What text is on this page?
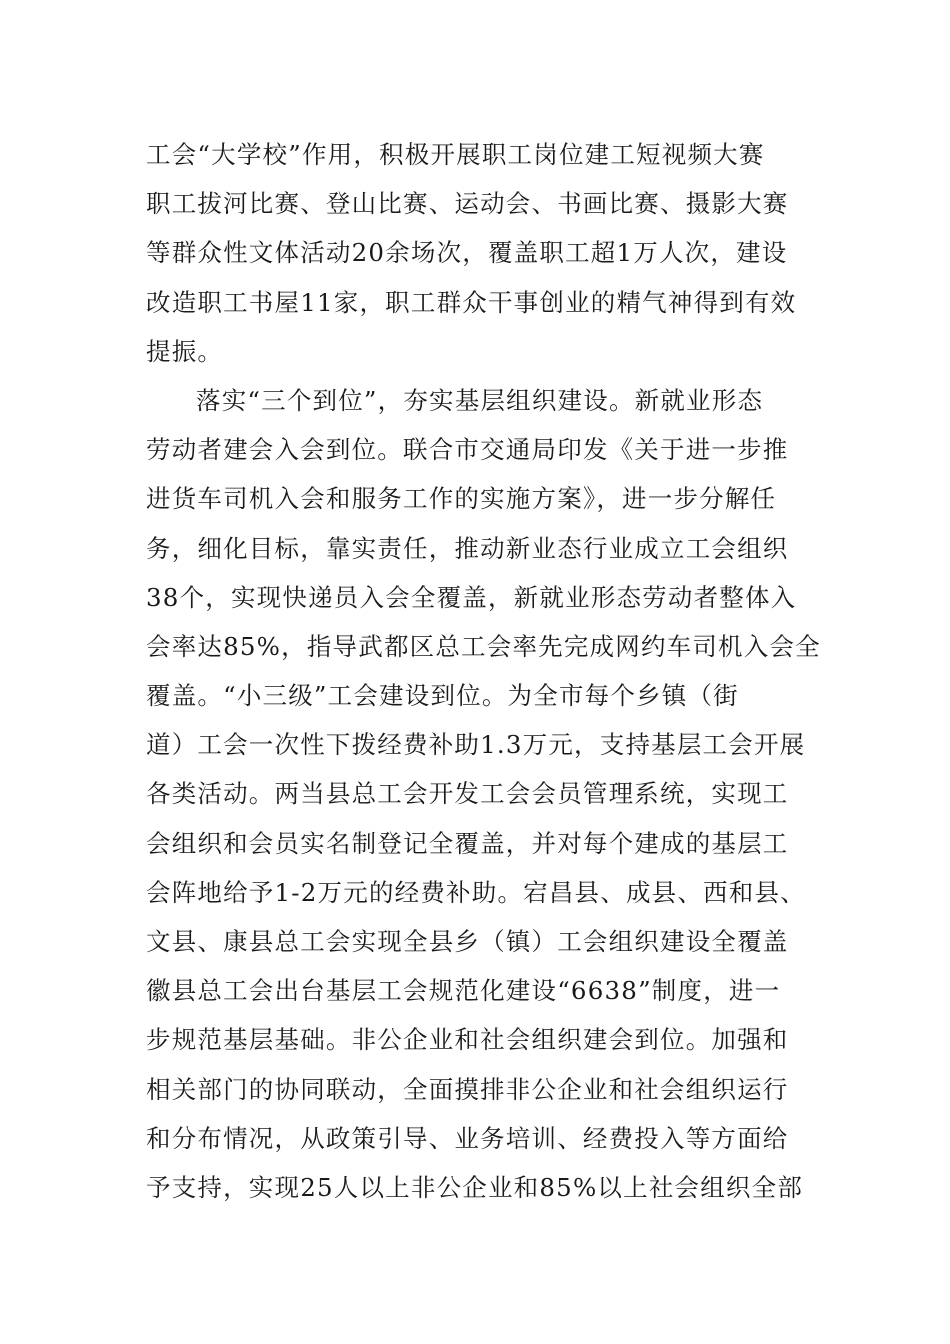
工会“大学校”作用，积极开展职工岗位建工短视频大赛
职工拔河比赛、登山比赛、运动会、书画比赛、摄影大赛
等群众性文体活动20余场次，覆盖职工超1万人次，建设
改造职工书屋11家，职工群众干事创业的精气神得到有效
提振。
落实“三个到位”，夯实基层组织建设。新就业形态
劳动者建会入会到位。联合市交通局印发《关于进一步推
进货车司机入会和服务工作的实施方案》，进一步分解任
务，细化目标，靠实责任，推动新业态行业成立工会组织
38个，实现快递员入会全覆盖，新就业形态劳动者整体入
会率达85%，指导武都区总工会率先完成网约车司机入会全
覆盖。“小三级”工会建设到位。为全市每个乡镇（街
道）工会一次性下拨经费补助1.3万元，支持基层工会开展
各类活动。两当县总工会开发工会会员管理系统，实现工
会组织和会员实名制登记全覆盖，并对每个建成的基层工
会阵地给予1-2万元的经费补助。宕昌县、成县、西和县、
文县、康县总工会实现全县乡（镇）工会组织建设全覆盖
徽县总工会出台基层工会规范化建设“6638”制度，进一
步规范基层基础。非公企业和社会组织建会到位。加强和
相关部门的协同联动，全面摸排非公企业和社会组织运行
和分布情况，从政策引导、业务培训、经费投入等方面给
予支持，实现25人以上非公企业和85%以上社会组织全部
